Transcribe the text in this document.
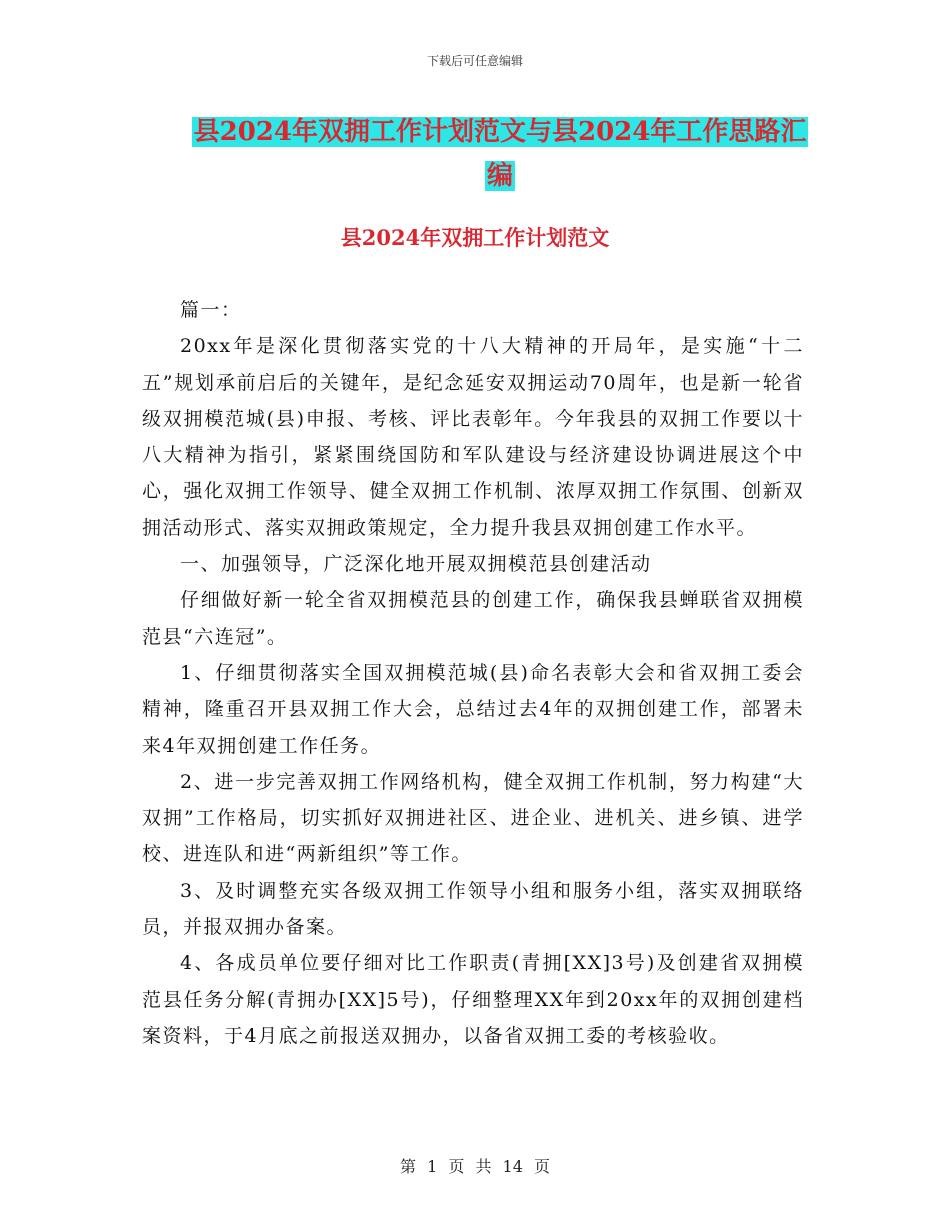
下载后可任意编辑
县2024年双拥工作计划范文与县2024年工作思路汇
编
县2024年双拥工作计划范文

篇一：

20xx年是深化贯彻落实党的十八大精神的开局年，是实施“十二五”规划承前启后的关键年，是纪念延安双拥运动70周年，也是新一轮省级双拥模范城(县)申报、考核、评比表彰年。今年我县的双拥工作要以十八大精神为指引，紧紧围绕国防和军队建设与经济建设协调进展这个中心，强化双拥工作领导、健全双拥工作机制、浓厚双拥工作氛围、创新双拥活动形式、落实双拥政策规定，全力提升我县双拥创建工作水平。

一、加强领导，广泛深化地开展双拥模范县创建活动

仔细做好新一轮全省双拥模范县的创建工作，确保我县蝉联省双拥模范县“六连冠”。

1、仔细贯彻落实全国双拥模范城(县)命名表彰大会和省双拥工委会精神，隆重召开县双拥工作大会，总结过去4年的双拥创建工作，部署未来4年双拥创建工作任务。

2、进一步完善双拥工作网络机构，健全双拥工作机制，努力构建“大双拥”工作格局，切实抓好双拥进社区、进企业、进机关、进乡镇、进学校、进连队和进“两新组织”等工作。

3、及时调整充实各级双拥工作领导小组和服务小组，落实双拥联络员，并报双拥办备案。

4、各成员单位要仔细对比工作职责(青拥[XX]3号)及创建省双拥模范县任务分解(青拥办[XX]5号)，仔细整理XX年到20xx年的双拥创建档案资料，于4月底之前报送双拥办，以备省双拥工委的考核验收。

第 1 页 共 14 页
